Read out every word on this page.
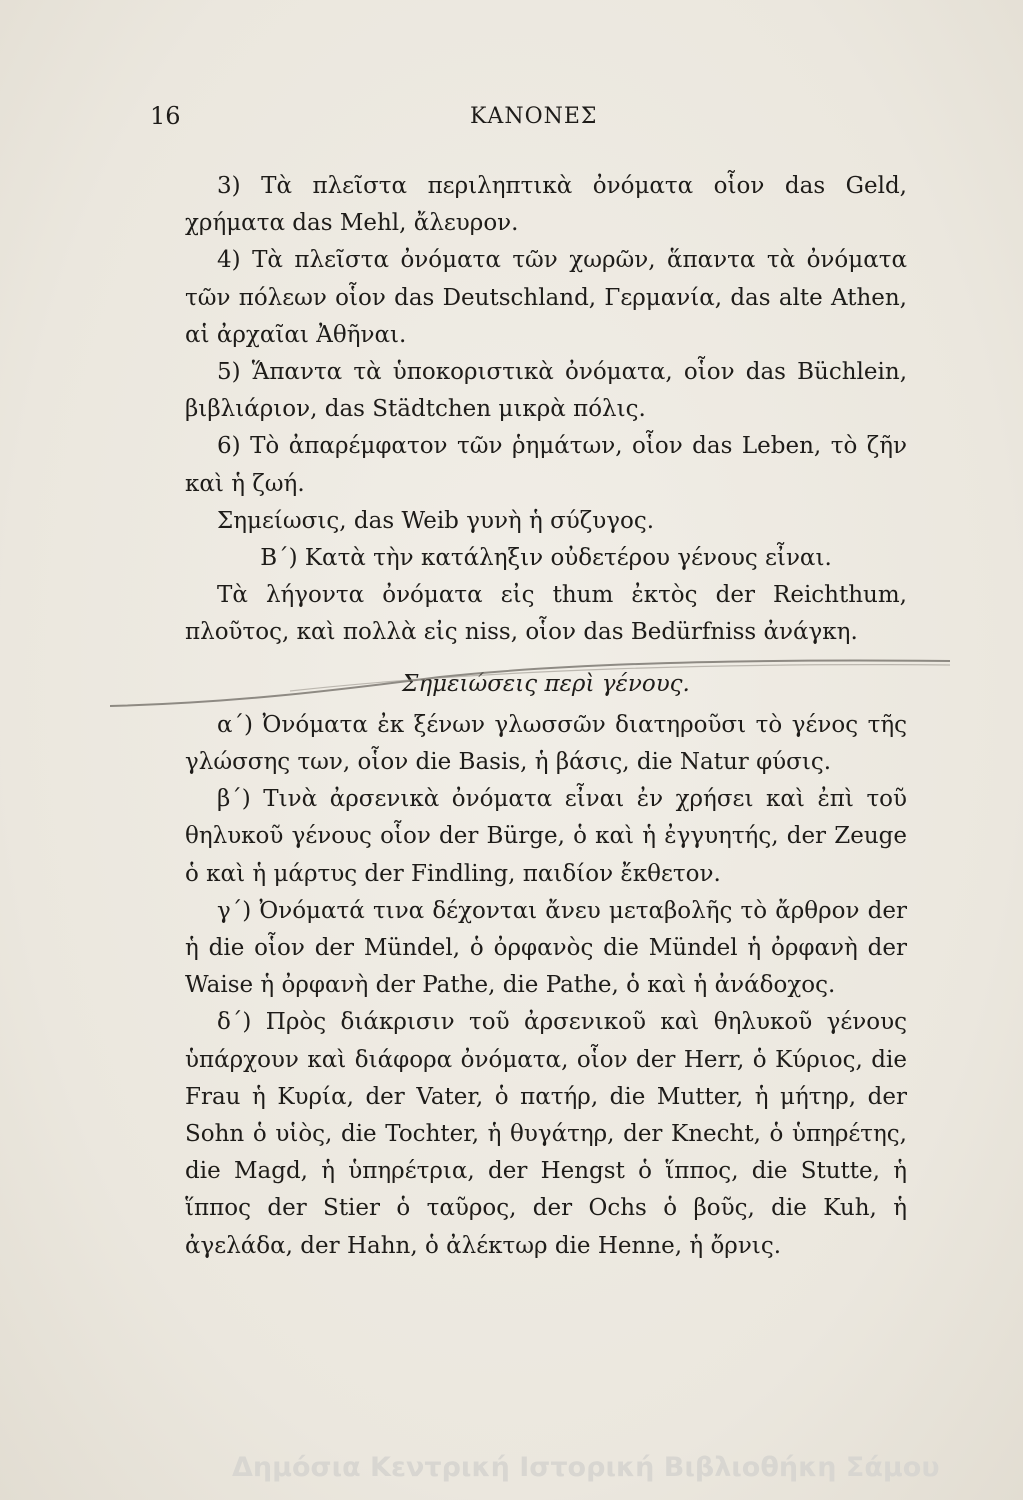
16	ΚΑΝΟΝΕΣ

3) Τὰ πλεῖστα περιληπτικὰ ὀνόματα οἷον das Geld, χρήματα das Mehl, ἄλευρον.

4) Τὰ πλεῖστα ὀνόματα τῶν χωρῶν, ἅπαντα τὰ ὀνόματα τῶν πόλεων οἷον das Deutschland, Γερμανία, das alte Athen, αἱ ἀρχαῖαι Ἀθῆναι.

5) Ἅπαντα τὰ ὑποκοριστικὰ ὀνόματα, οἷον das Büchlein, βιβλιάριον, das Städtchen μικρὰ πόλις.

6) Τὸ ἀπαρέμφατον τῶν ῥημάτων, οἷον das Leben, τὸ ζῆν καὶ ἡ ζωή.

Σημείωσις, das Weib γυνὴ ἡ σύζυγος.

Β΄) Κατὰ τὴν κατάληξιν οὐδετέρου γένους εἶναι.

Τὰ λήγοντα ὀνόματα εἰς thum ἐκτὸς der Reichthum, πλοῦτος, καὶ πολλὰ εἰς niss, οἷον das Bedürfniss ἀνάγκη.

Σημειώσεις περὶ γένους.

α΄) Ὀνόματα ἐκ ξένων γλωσσῶν διατηροῦσι τὸ γένος τῆς γλώσσης των, οἷον die Basis, ἡ βάσις, die Natur φύσις.

β΄) Τινὰ ἀρσενικὰ ὀνόματα εἶναι ἐν χρήσει καὶ ἐπὶ τοῦ θηλυκοῦ γένους οἷον der Bürge, ὁ καὶ ἡ ἐγγυητής, der Zeuge ὁ καὶ ἡ μάρτυς der Findling, παιδίον ἔκθετον.

γ΄) Ὀνόματά τινα δέχονται ἄνευ μεταβολῆς τὸ ἄρθρον der ἡ die οἷον der Mündel, ὁ ὀρφανὸς die Mündel ἡ ὀρφανὴ der Waise ἡ ὀρφανὴ der Pathe, die Pathe, ὁ καὶ ἡ ἀνάδοχος.

δ΄) Πρὸς διάκρισιν τοῦ ἀρσενικοῦ καὶ θηλυκοῦ γένους ὑπάρχουν καὶ διάφορα ὀνόματα, οἷον der Herr, ὁ Κύριος, die Frau ἡ Κυρία, der Vater, ὁ πατήρ, die Mutter, ἡ μήτηρ, der Sohn ὁ υἱὸς, die Tochter, ἡ θυγάτηρ, der Knecht, ὁ ὑπηρέτης, die Magd, ἡ ὑπηρέτρια, der Hengst ὁ ἵππος, die Stutte, ἡ ἵππος der Stier ὁ ταῦρος, der Ochs ὁ βοῦς, die Kuh, ἡ ἀγελάδα, der Hahn, ὁ ἀλέκτωρ die Henne, ἡ ὄρνις.

Δημόσια Κεντρική Ιστορική Βιβλιοθήκη Σάμου
